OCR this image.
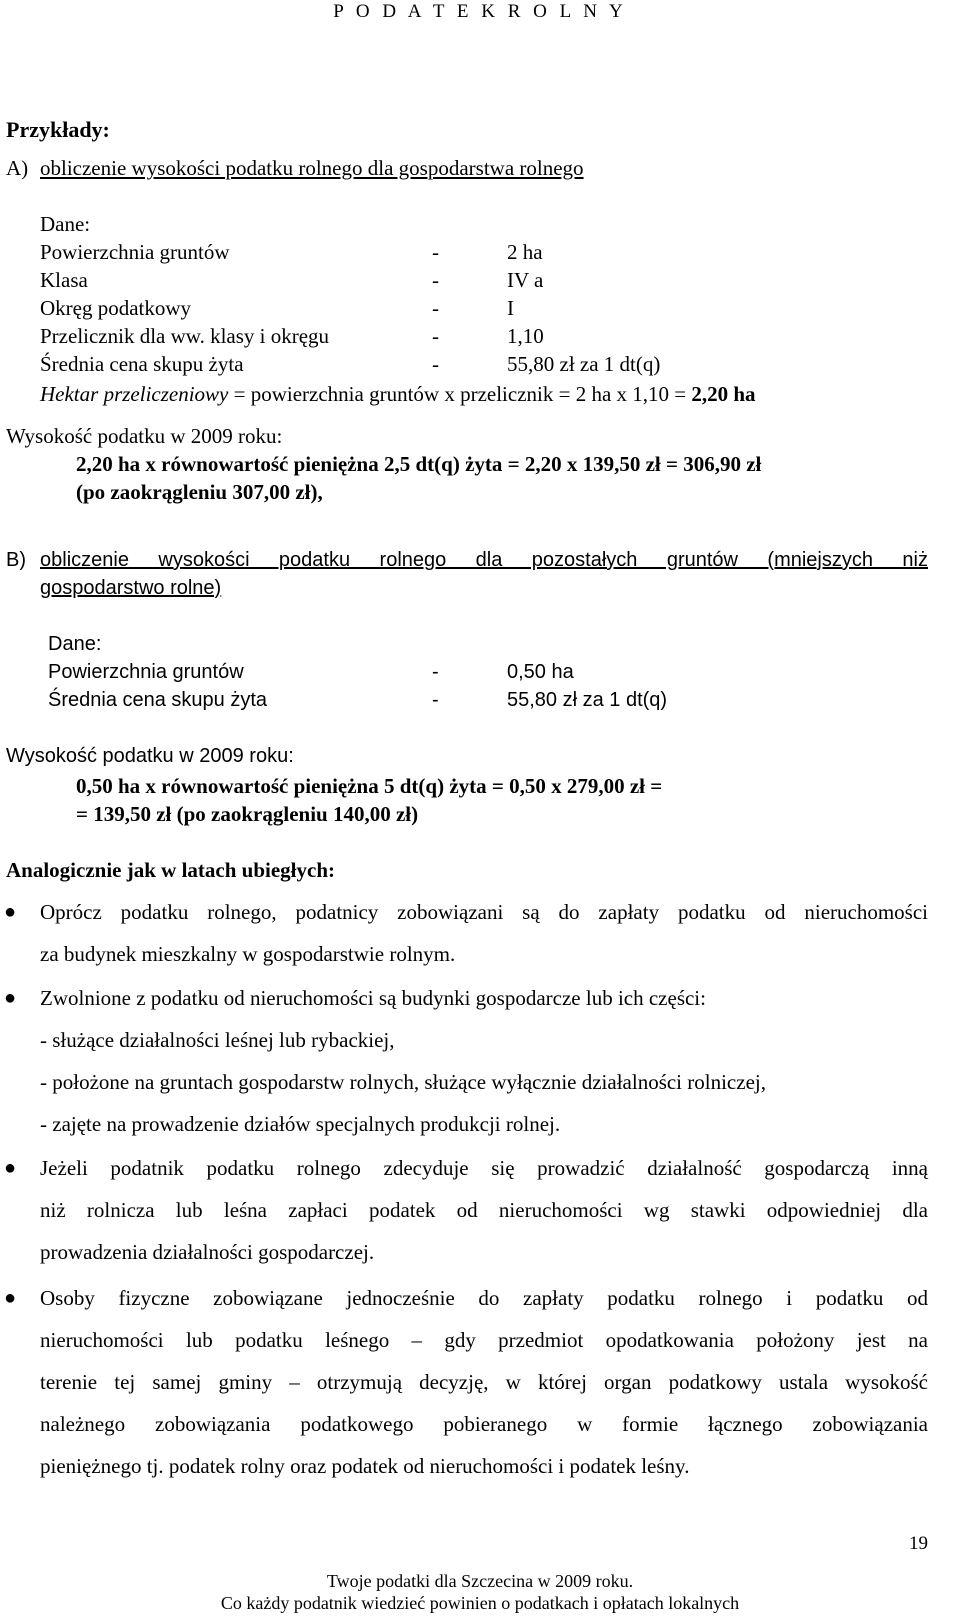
P O D A T E K R O L N Y
Przykłady:
A) obliczenie wysokości podatku rolnego dla gospodarstwa rolnego
Dane:
Powierzchnia gruntów	-	2 ha
Klasa	-	IV a
Okręg podatkowy	-	I
Przelicznik dla ww. klasy i okręgu	-	1,10
Średnia cena skupu żyta	-	55,80 zł za 1 dt(q)
Hektar przeliczeniowy = powierzchnia gruntów x przelicznik = 2 ha x 1,10 = 2,20 ha
Wysokość podatku w 2009 roku:
2,20 ha x równowartość pieniężna 2,5 dt(q) żyta = 2,20 x 139,50 zł = 306,90 zł
(po zaokrągleniu 307,00 zł),
B) obliczenie wysokości podatku rolnego dla pozostałych gruntów (mniejszych niż
gospodarstwo rolne)
Dane:
Powierzchnia gruntów	-	0,50 ha
Średnia cena skupu żyta	-	55,80 zł za 1 dt(q)
Wysokość podatku w 2009 roku:
0,50 ha x równowartość pieniężna 5 dt(q) żyta = 0,50 x 279,00 zł =
= 139,50 zł (po zaokrągleniu 140,00 zł)
Analogicznie jak w latach ubiegłych:
● Oprócz podatku rolnego, podatnicy zobowiązani są do zapłaty podatku od nieruchomości
za budynek mieszkalny w gospodarstwie rolnym.
● Zwolnione z podatku od nieruchomości są budynki gospodarcze lub ich części:
- służące działalności leśnej lub rybackiej,
- położone na gruntach gospodarstw rolnych, służące wyłącznie działalności rolniczej,
- zajęte na prowadzenie działów specjalnych produkcji rolnej.
● Jeżeli podatnik podatku rolnego zdecyduje się prowadzić działalność gospodarczą inną
niż rolnicza lub leśna zapłaci podatek od nieruchomości wg stawki odpowiedniej dla
prowadzenia działalności gospodarczej.
● Osoby fizyczne zobowiązane jednocześnie do zapłaty podatku rolnego i podatku od
nieruchomości lub podatku leśnego – gdy przedmiot opodatkowania położony jest na
terenie tej samej gminy – otrzymują decyzję, w której organ podatkowy ustala wysokość
należnego zobowiązania podatkowego pobieranego w formie łącznego zobowiązania
pieniężnego tj. podatek rolny oraz podatek od nieruchomości i podatek leśny.
19
Twoje podatki dla Szczecina w 2009 roku.
Co każdy podatnik wiedzieć powinien o podatkach i opłatach lokalnych
